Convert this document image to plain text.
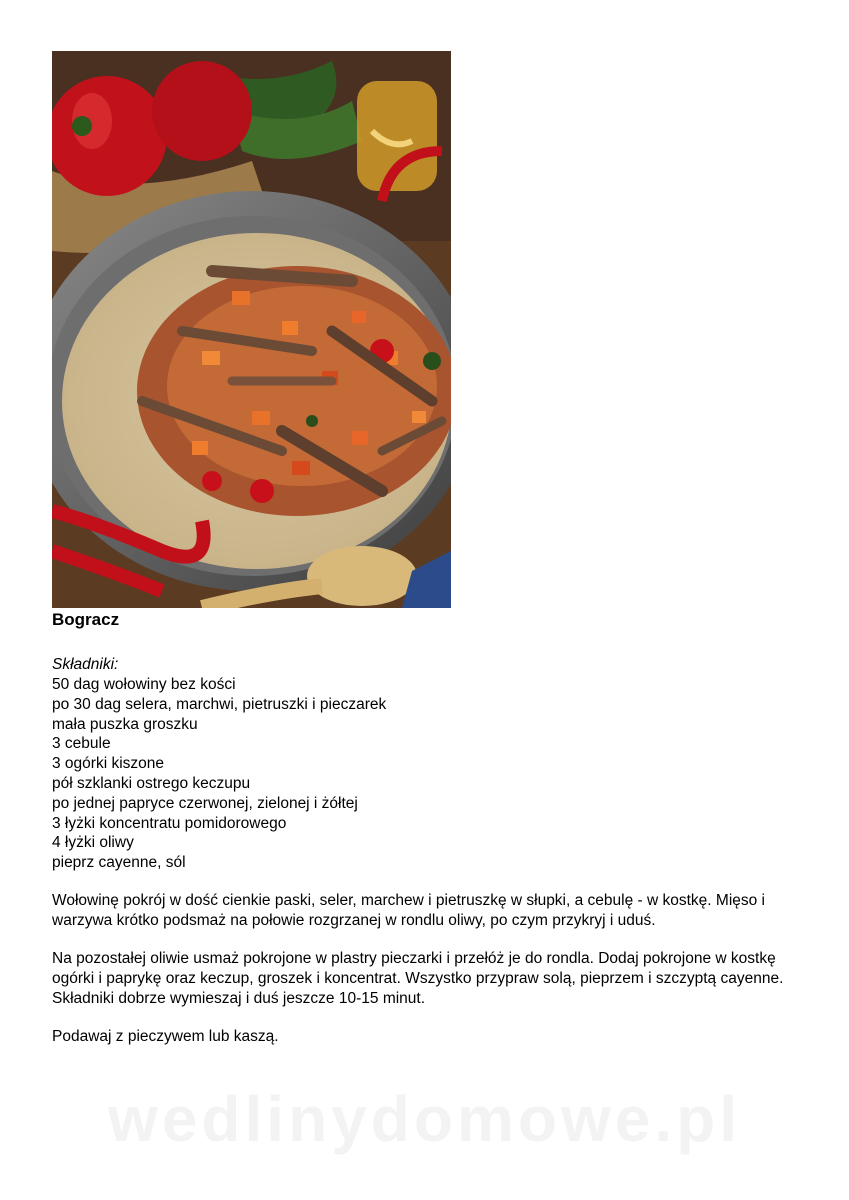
Bogracz
Składniki:
50 dag wołowiny bez kości
po 30 dag selera, marchwi, pietruszki i pieczarek
mała puszka groszku
3 cebule
3 ogórki kiszone
pół szklanki ostrego keczupu
po jednej papryce czerwonej, zielonej i żółtej
3 łyżki koncentratu pomidorowego
4 łyżki oliwy
pieprz cayenne, sól

Wołowinę pokrój w dość cienkie paski, seler, marchew i pietruszkę w słupki, a cebulę - w kostkę. Mięso i warzywa krótko podsmaż na połowie rozgrzanej w rondlu oliwy, po czym przykryj i uduś.

Na pozostałej oliwie usmaż pokrojone w plastry pieczarki i przełóż je do rondla. Dodaj pokrojone w kostkę ogórki i paprykę oraz keczup, groszek i koncentrat. Wszystko przypraw solą, pieprzem i szczyptą cayenne. Składniki dobrze wymieszaj i duś jeszcze 10-15 minut.

Podawaj z pieczywem lub kaszą.

wedlinydomowe.pl
